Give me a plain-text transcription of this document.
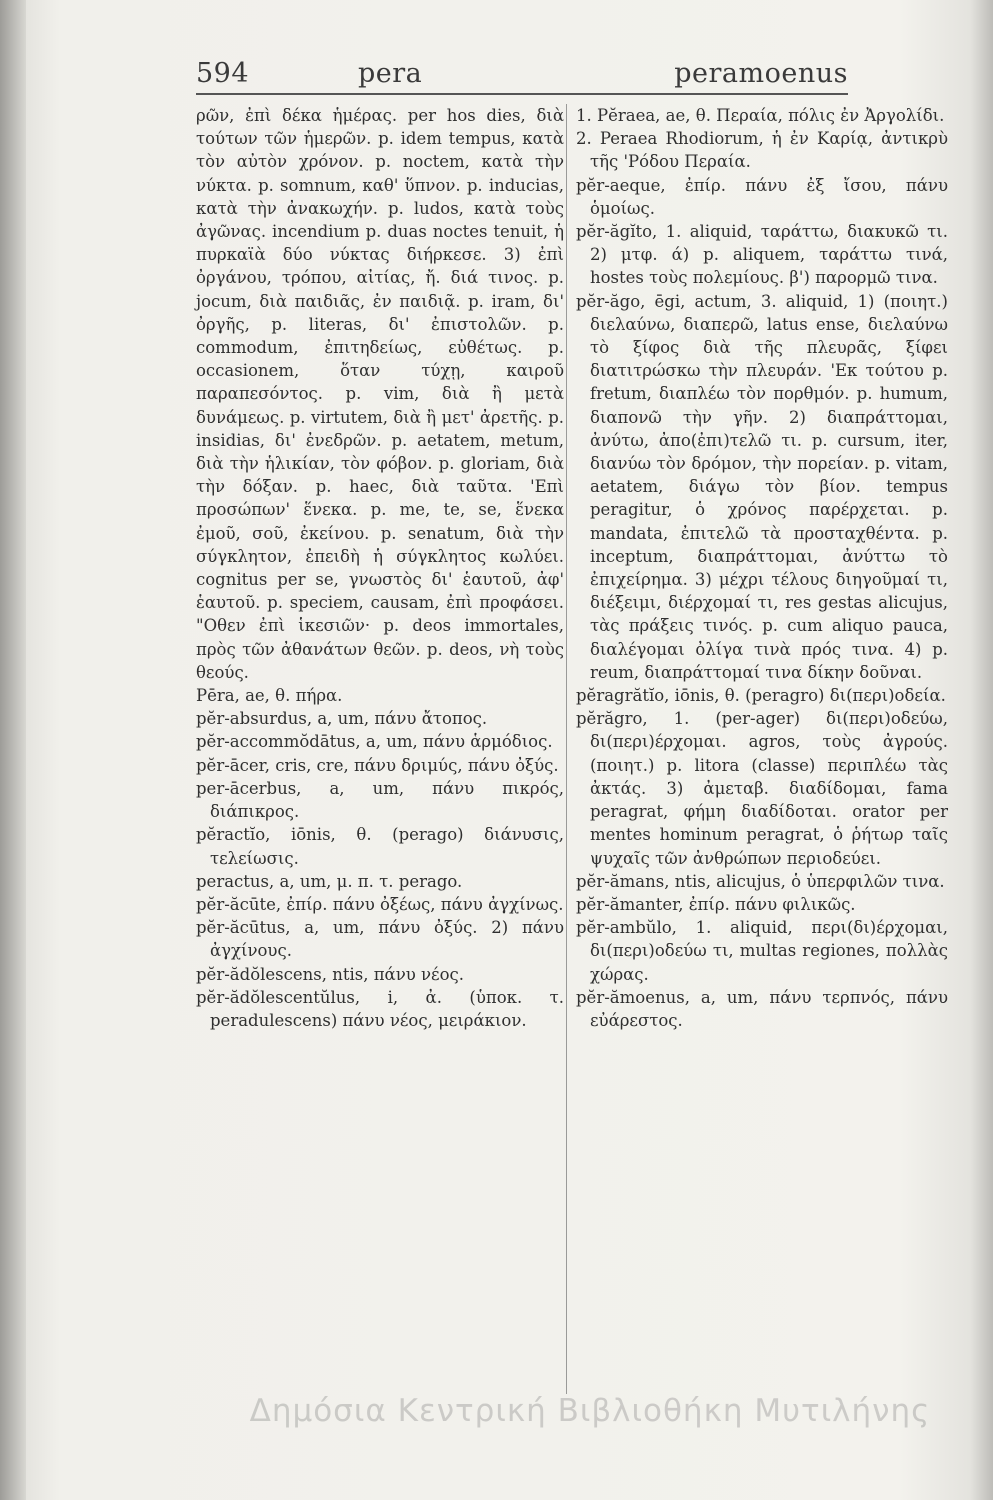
594	pera	peramoenus
ρῶν, ἐπὶ δέκα ἡμέρας. per hos dies, διὰ τούτων τῶν ἡμερῶν. p. idem tempus, κατὰ τὸν αὐτὸν χρόνον. p. noctem, κατὰ τὴν νύκτα. p. somnum, καθ' ὕπνον. p. inducias, κατὰ τὴν ἀνακωχήν. p. ludos, κατὰ τοὺς ἀγῶνας. incendium p. duas noctes tenuit, ἡ πυρκαϊὰ δύο νύκτας διήρκεσε. 3) ἐπὶ ὀργάνου, τρόπου, αἰτίας, ἤ. διά τινος. p. jocum, διὰ παιδιᾶς, ἐν παιδιᾷ. p. iram, δι' ὀργῆς, p. literas, δι' ἐπιστολῶν. p. commodum, ἐπιτηδείως, εὐθέτως. p. occasionem, ὅταν τύχῃ, καιροῦ παραπεσόντος. p. vim, διὰ ἢ μετὰ δυνάμεως. p. virtutem, διὰ ἢ μετ' ἀρετῆς. p. insidias, δι' ἐνεδρῶν. p. aetatem, metum, διὰ τὴν ἡλικίαν, τὸν φόβον. p. gloriam, διὰ τὴν δόξαν. p. haec, διὰ ταῦτα. 'Επὶ προσώπων' ἕνεκα. p. me, te, se, ἕνεκα ἐμοῦ, σοῦ, ἐκείνου. p. senatum, διὰ τὴν σύγκλητον, ἐπειδὴ ἡ σύγκλητος κωλύει. cognitus per se, γνωστὸς δι' ἑαυτοῦ, ἀφ' ἑαυτοῦ. p. speciem, causam, ἐπὶ προφάσει. "Οθεν ἐπὶ ἱκεσιῶν· p. deos immortales, πρὸς τῶν ἀθανάτων θεῶν. p. deos, νὴ τοὺς θεούς.
Pēra, ae, θ. πήρα.
pĕr-absurdus, a, um, πάνυ ἄτοπος.
pĕr-accommŏdātus, a, um, πάνυ ἁρμόδιος.
pĕr-ācer, cris, cre, πάνυ δριμύς, πάνυ ὀξύς.
per-ācerbus, a, um, πάνυ πικρός, διάπικρος.
pĕractĭo, iōnis, θ. (perago) διάνυσις, τελείωσις.
peractus, a, um, μ. π. τ. perago.
pĕr-ăcūte, ἐπίρ. πάνυ ὀξέως, πάνυ ἀγχίνως.
pĕr-ăcūtus, a, um, πάνυ ὀξύς. 2) πάνυ ἀγχίνους.
pĕr-ădŏlescens, ntis, πάνυ νέος.
pĕr-ădŏlescentŭlus, i, ἀ. (ὑποκ. τ. peradulescens) πάνυ νέος, μειράκιον.
1. Pĕraea, ae, θ. Περαία, πόλις ἐν Ἀργολίδι.
2. Peraea Rhodiorum, ἡ ἐν Καρίᾳ, ἀντικρὺ τῆς 'Ρόδου Περαία.
pĕr-aeque, ἐπίρ. πάνυ ἐξ ἴσου, πάνυ ὁμοίως.
pĕr-ăgĭto, 1. aliquid, ταράττω, διακυκῶ τι. 2) μτφ. ά) p. aliquem, ταράττω τινά, hostes τοὺς πολεμίους. β') παρορμῶ τινα.
pĕr-ăgo, ēgi, actum, 3. aliquid, 1) (ποιητ.) διελαύνω, διαπερῶ, latus ense, διελαύνω τὸ ξίφος διὰ τῆς πλευρᾶς, ξίφει διατιτρώσκω τὴν πλευράν. 'Εκ τούτου p. fretum, διαπλέω τὸν πορθμόν. p. humum, διαπονῶ τὴν γῆν. 2) διαπράττομαι, ἀνύτω, ἀπο(ἐπι)τελῶ τι. p. cursum, iter, διανύω τὸν δρόμον, τὴν πορείαν. p. vitam, aetatem, διάγω τὸν βίον. tempus peragitur, ὁ χρόνος παρέρχεται. p. mandata, ἐπιτελῶ τὰ προσταχθέντα. p. inceptum, διαπράττομαι, ἀνύττω τὸ ἐπιχείρημα. 3) μέχρι τέλους διηγοῦμαί τι, διέξειμι, διέρχομαί τι, res gestas alicujus, τὰς πράξεις τινός. p. cum aliquo pauca, διαλέγομαι ὀλίγα τινὰ πρός τινα. 4) p. reum, διαπράττομαί τινα δίκην δοῦναι.
pĕragrătĭo, iōnis, θ. (peragro) δι(περι)οδεία.
pĕrăgro, 1. (per-ager) δι(περι)οδεύω, δι(περι)έρχομαι. agros, τοὺς ἀγρούς. (ποιητ.) p. litora (classe) περιπλέω τὰς ἀκτάς. 3) ἀμεταβ. διαδίδομαι, fama peragrat, φήμη διαδίδοται. orator per mentes hominum peragrat, ὁ ῥήτωρ ταῖς ψυχαῖς τῶν ἀνθρώπων περιοδεύει.
pĕr-ămans, ntis, alicujus, ὁ ὑπερφιλῶν τινα.
pĕr-ămanter, ἐπίρ. πάνυ φιλικῶς.
pĕr-ambŭlo, 1. aliquid, περι(δι)έρχομαι, δι(περι)οδεύω τι, multas regiones, πολλὰς χώρας.
pĕr-ămoenus, a, um, πάνυ τερπνός, πάνυ εὐάρεστος.
Δημόσια Κεντρική Βιβλιοθήκη Μυτιλήνης
